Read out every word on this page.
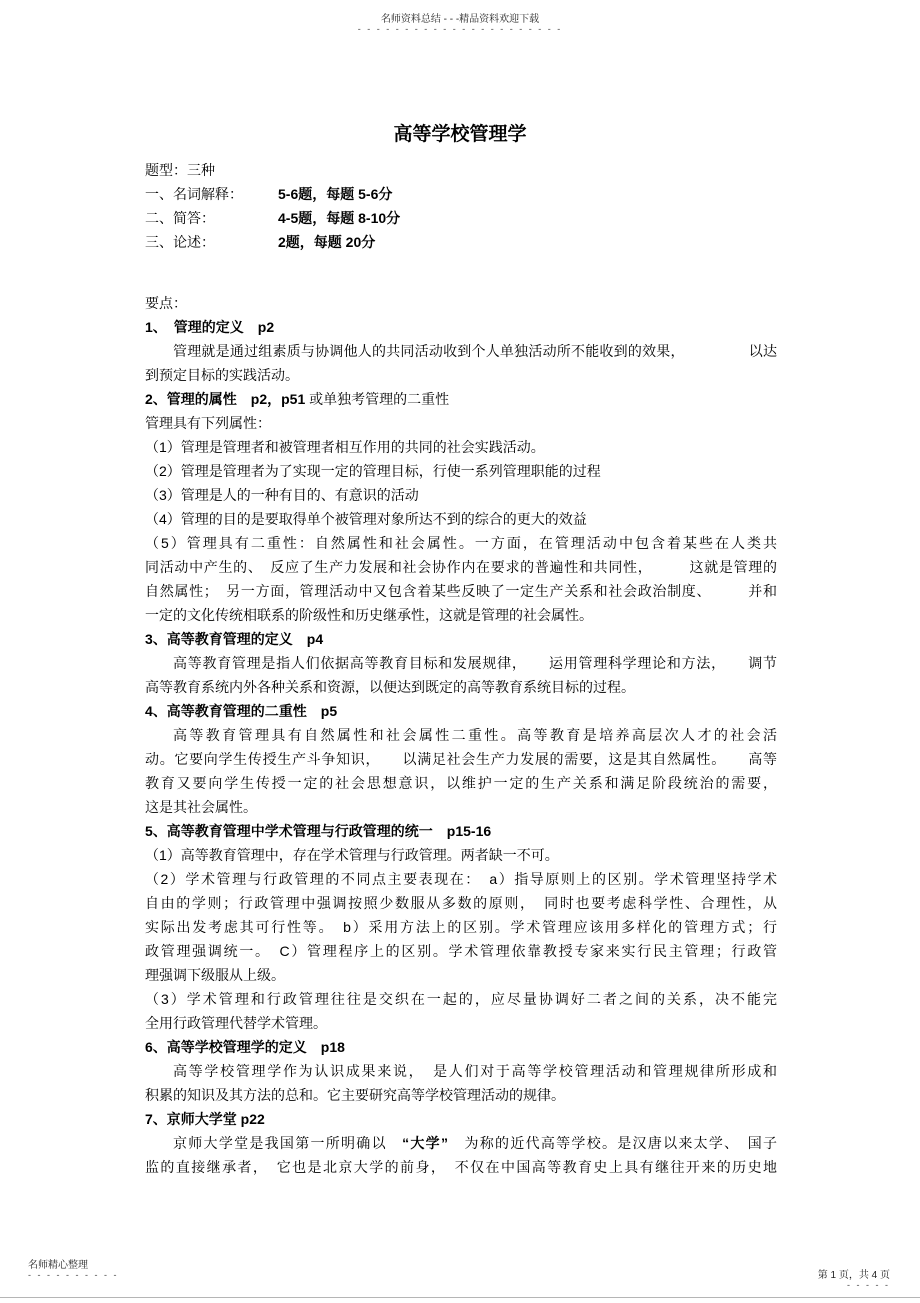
名师资料总结 - - -精品资料欢迎下载
- - - - - - - - - - - - - - - - - - - - - -
高等学校管理学
题型：三种
一、名词解释：　　　5-6题，每题 5-6分
二、简答：　　　　　4-5题，每题 8-10分
三、论述：　　　　　2题，每题 20分
要点：
1、　管理的定义　p2
管理就是通过组素质与协调他人的共同活动收到个人单独活动所不能收到的效果，　　　　　以达
到预定目标的实践活动。
2、管理的属性　p2，p51 或单独考管理的二重性
管理具有下列属性：
（1）管理是管理者和被管理者相互作用的共同的社会实践活动。
（2）管理是管理者为了实现一定的管理目标，行使一系列管理职能的过程
（3）管理是人的一种有目的、有意识的活动
（4）管理的目的是要取得单个被管理对象所达不到的综合的更大的效益
（5）管理具有二重性：自然属性和社会属性。一方面，在管理活动中包含着某些在人类共
同活动中产生的、　反应了生产力发展和社会协作内在要求的普遍性和共同性，　　　这就是管理的
自然属性；　另一方面，管理活动中又包含着某些反映了一定生产关系和社会政治制度、　　　并和
一定的文化传统相联系的阶级性和历史继承性，这就是管理的社会属性。
3、高等教育管理的定义　p4
高等教育管理是指人们依据高等教育目标和发展规律，　　运用管理科学理论和方法，　　调节
高等教育系统内外各种关系和资源，以便达到既定的高等教育系统目标的过程。
4、高等教育管理的二重性　p5
高等教育管理具有自然属性和社会属性二重性。高等教育是培养高层次人才的社会活
动。它要向学生传授生产斗争知识，　　以满足社会生产力发展的需要，这是其自然属性。　　高等
教育又要向学生传授一定的社会思想意识，以维护一定的生产关系和满足阶段统治的需要，
这是其社会属性。
5、高等教育管理中学术管理与行政管理的统一　p15-16
（1）高等教育管理中，存在学术管理与行政管理。两者缺一不可。
（2）学术管理与行政管理的不同点主要表现在：　a）指导原则上的区别。学术管理坚持学术
自由的学则；行政管理中强调按照少数服从多数的原则，　同时也要考虑科学性、合理性，从
实际出发考虑其可行性等。　b）采用方法上的区别。学术管理应该用多样化的管理方式；行
政管理强调统一。　C）管理程序上的区别。学术管理依靠教授专家来实行民主管理；行政管
理强调下级服从上级。
（3）学术管理和行政管理往往是交织在一起的，应尽量协调好二者之间的关系，决不能完
全用行政管理代替学术管理。
6、高等学校管理学的定义　p18
高等学校管理学作为认识成果来说，　是人们对于高等学校管理活动和管理规律所形成和
积累的知识及其方法的总和。它主要研究高等学校管理活动的规律。
7、京师大学堂 p22
京师大学堂是我国第一所明确以　“大学”　为称的近代高等学校。是汉唐以来太学、　国子
监的直接继承者，　它也是北京大学的前身，　不仅在中国高等教育史上具有继往开来的历史地
名师精心整理
- - - - - - - - - -	第 1 页，共 4 页
- - - - -
